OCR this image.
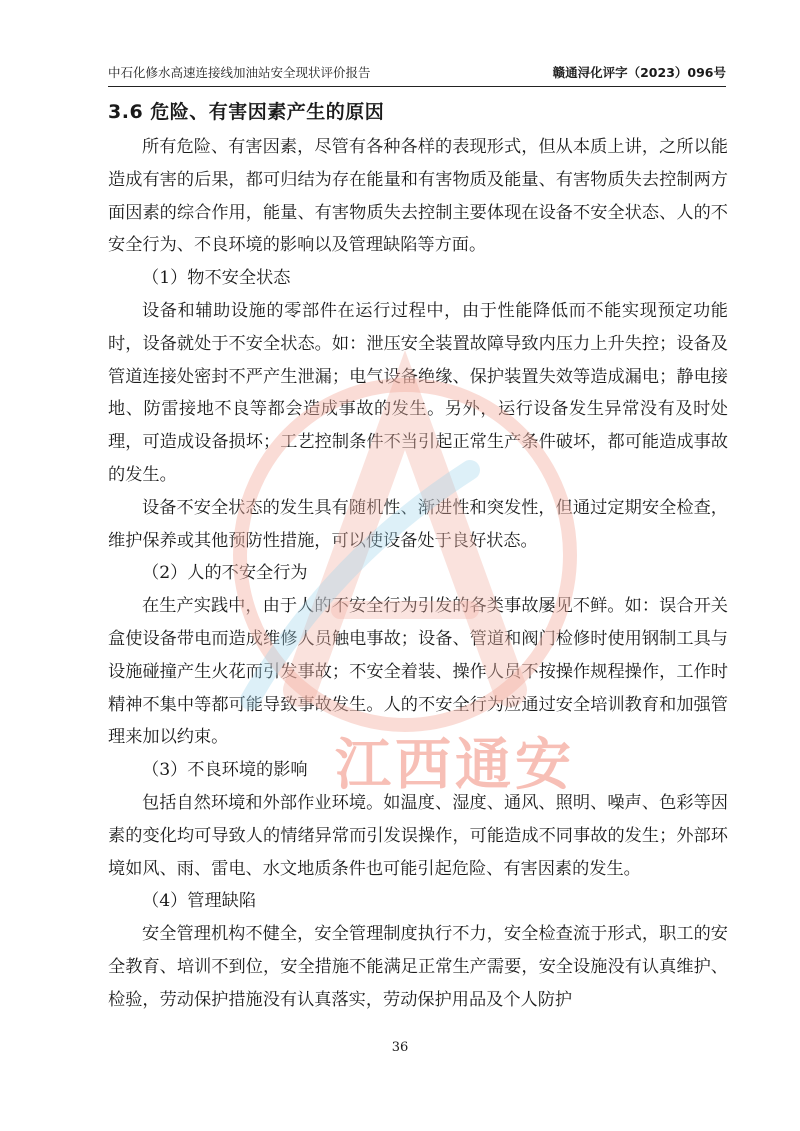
中石化修水高速连接线加油站安全现状评价报告	赣通浔化评字（2023）096号
3.6 危险、有害因素产生的原因

所有危险、有害因素，尽管有各种各样的表现形式，但从本质上讲，之所以能造成有害的后果，都可归结为存在能量和有害物质及能量、有害物质失去控制两方面因素的综合作用，能量、有害物质失去控制主要体现在设备不安全状态、人的不安全行为、不良环境的影响以及管理缺陷等方面。

（1）物不安全状态

设备和辅助设施的零部件在运行过程中，由于性能降低而不能实现预定功能时，设备就处于不安全状态。如：泄压安全装置故障导致内压力上升失控；设备及管道连接处密封不严产生泄漏；电气设备绝缘、保护装置失效等造成漏电；静电接地、防雷接地不良等都会造成事故的发生。另外，运行设备发生异常没有及时处理，可造成设备损坏；工艺控制条件不当引起正常生产条件破坏，都可能造成事故的发生。

设备不安全状态的发生具有随机性、渐进性和突发性，但通过定期安全检查，维护保养或其他预防性措施，可以使设备处于良好状态。

（2）人的不安全行为

在生产实践中，由于人的不安全行为引发的各类事故屡见不鲜。如：误合开关盒使设备带电而造成维修人员触电事故；设备、管道和阀门检修时使用钢制工具与设施碰撞产生火花而引发事故；不安全着装、操作人员不按操作规程操作，工作时精神不集中等都可能导致事故发生。人的不安全行为应通过安全培训教育和加强管理来加以约束。

（3）不良环境的影响

包括自然环境和外部作业环境。如温度、湿度、通风、照明、噪声、色彩等因素的变化均可导致人的情绪异常而引发误操作，可能造成不同事故的发生；外部环境如风、雨、雷电、水文地质条件也可能引起危险、有害因素的发生。

（4）管理缺陷

安全管理机构不健全，安全管理制度执行不力，安全检查流于形式，职工的安全教育、培训不到位，安全措施不能满足正常生产需要，安全设施没有认真维护、检验，劳动保护措施没有认真落实，劳动保护用品及个人防护

江西通安
36
